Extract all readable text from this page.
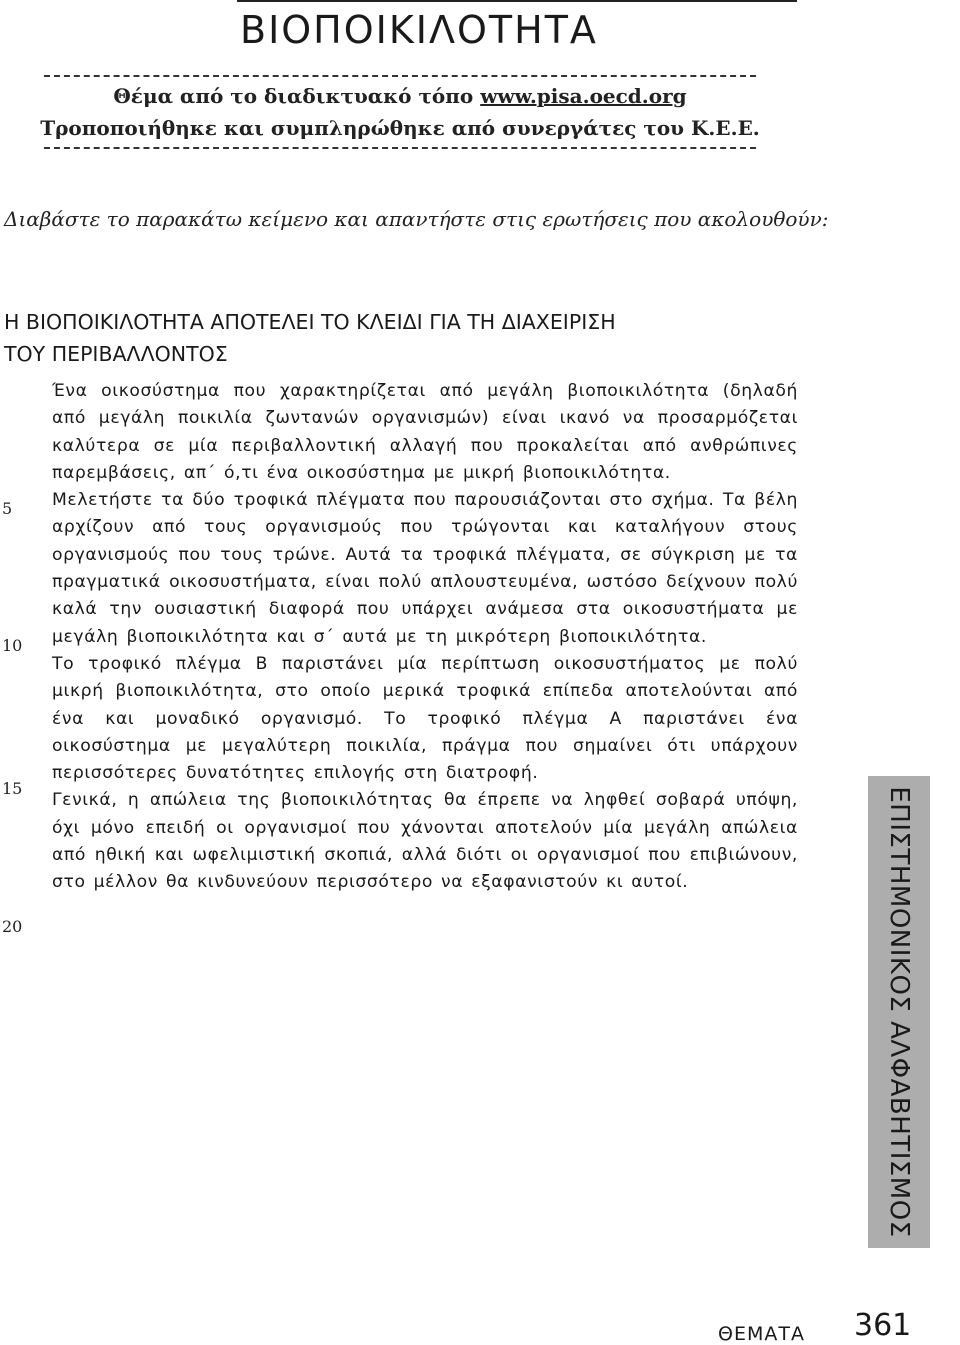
ΒΙΟΠΟΙΚΙΛΟΤΗΤΑ
Θέμα από το διαδικτυακό τόπο www.pisa.oecd.org
Τροποποιήθηκε και συμπληρώθηκε από συνεργάτες του Κ.Ε.Ε.
Διαβάστε το παρακάτω κείμενο και απαντήστε στις ερωτήσεις που ακολουθούν:
Η ΒΙΟΠΟΙΚΙΛΟΤΗΤΑ ΑΠΟΤΕΛΕΙ ΤΟ ΚΛΕΙΔΙ ΓΙΑ ΤΗ ΔΙΑΧΕΙΡΙΣΗ
ΤΟΥ ΠΕΡΙΒΑΛΛΟΝΤΟΣ

Ένα οικοσύστημα που χαρακτηρίζεται από μεγάλη βιοποικιλότητα (δηλαδή από μεγάλη ποικιλία ζωντανών οργανισμών) είναι ικανό να προσαρμόζεται καλύτερα σε μία περιβαλλοντική αλλαγή που προκαλείται από ανθρώπινες παρεμβάσεις, απ΄ ό,τι ένα οικοσύστημα με μικρή βιοποικιλότητα.

Μελετήστε τα δύο τροφικά πλέγματα που παρουσιάζονται στο σχήμα. Τα βέλη αρχίζουν από τους οργανισμούς που τρώγονται και καταλήγουν στους οργανισμούς που τους τρώνε. Αυτά τα τροφικά πλέγματα, σε σύγκριση με τα πραγματικά οικοσυστήματα, είναι πολύ απλουστευμένα, ωστόσο δείχνουν πολύ καλά την ουσιαστική διαφορά που υπάρχει ανάμεσα στα οικοσυστήματα με μεγάλη βιοποικιλότητα και σ΄ αυτά με τη μικρότερη βιοποικιλότητα.

Το τροφικό πλέγμα Β παριστάνει μία περίπτωση οικοσυστήματος με πολύ μικρή βιοποικιλότητα, στο οποίο μερικά τροφικά επίπεδα αποτελούνται από ένα και μοναδικό οργανισμό. Το τροφικό πλέγμα Α παριστάνει ένα οικοσύστημα με μεγαλύτερη ποικιλία, πράγμα που σημαίνει ότι υπάρχουν περισσότερες δυνατότητες επιλογής στη διατροφή.

Γενικά, η απώλεια της βιοποικιλότητας θα έπρεπε να ληφθεί σοβαρά υπόψη, όχι μόνο επειδή οι οργανισμοί που χάνονται αποτελούν μία μεγάλη απώλεια από ηθική και ωφελιμιστική σκοπιά, αλλά διότι οι οργανισμοί που επιβιώνουν, στο μέλλον θα κινδυνεύουν περισσότερο να εξαφανιστούν κι αυτοί.

5
10
15
20	ΕΠΙΣΤΗΜΟΝΙΚΟΣ ΑΛΦΑΒΗΤΙΣΜΟΣ
ΘΕΜΑΤΑ 361
